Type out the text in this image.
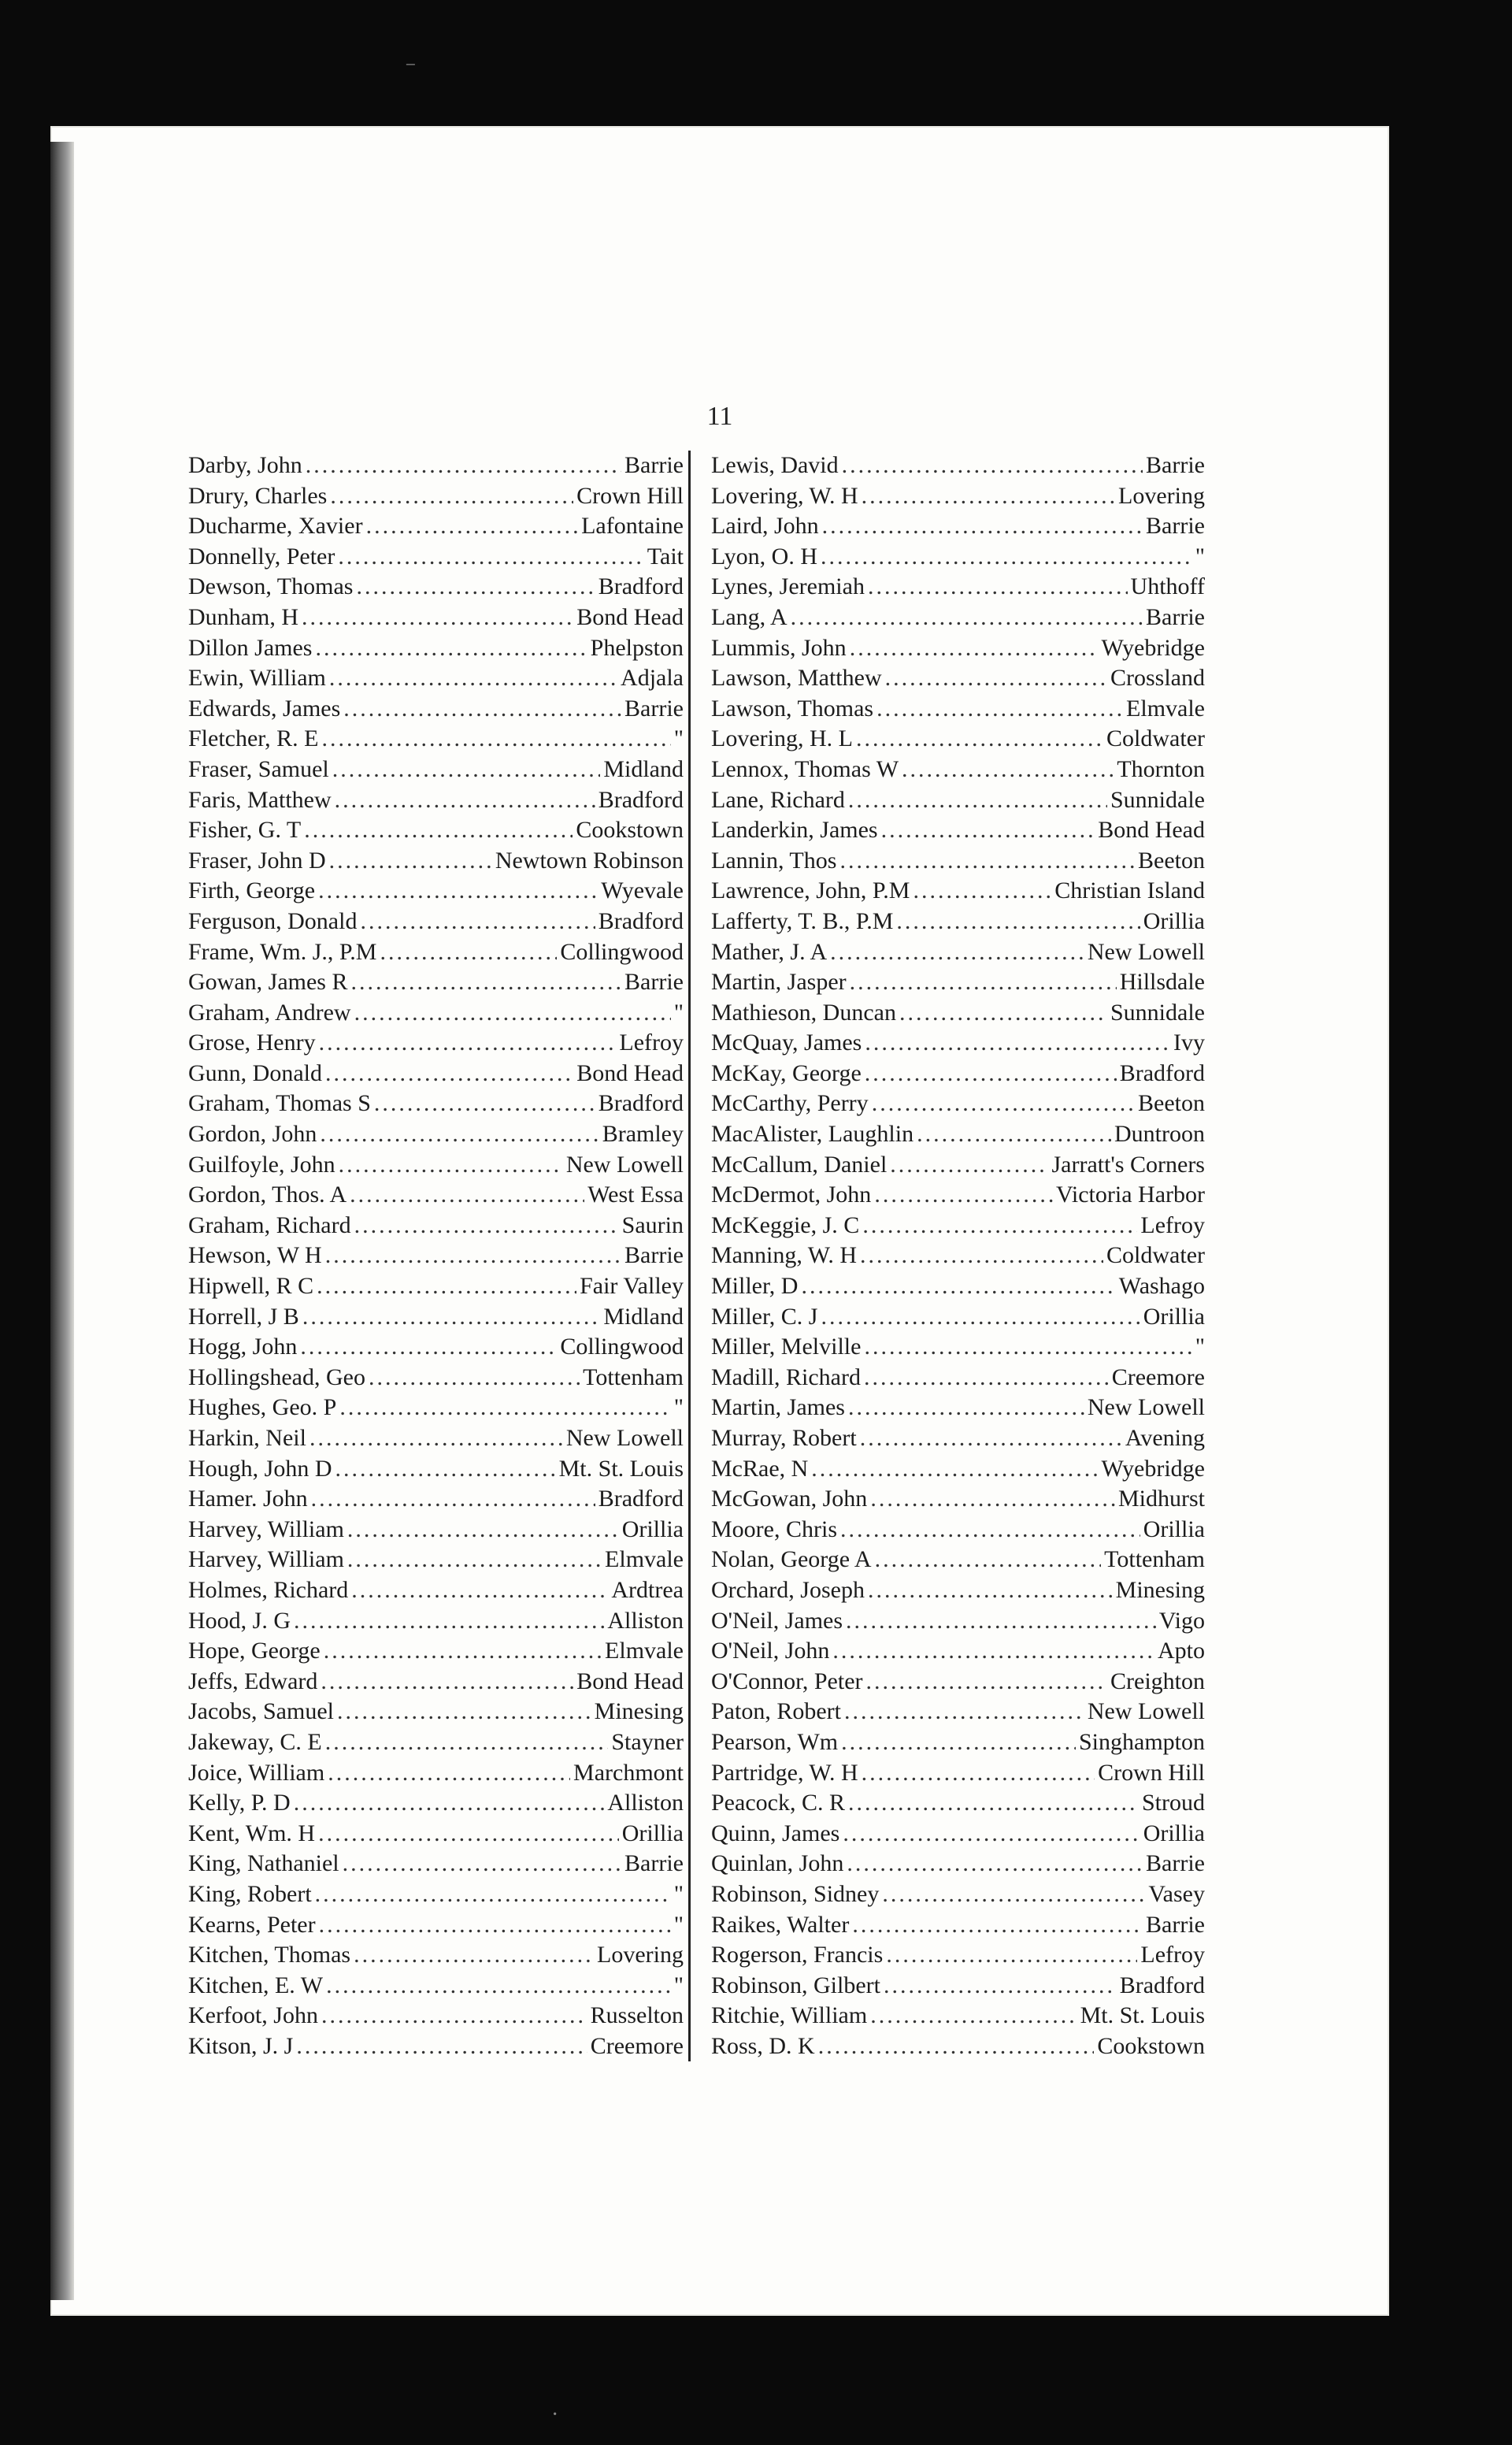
11
Darby, John .....	Barrie
Drury, Charles .....	Crown Hill
Ducharme, Xavier .....	Lafontaine
Donnelly, Peter .....	Tait
Dewson, Thomas .....	Bradford
Dunham, H .....	Bond Head
Dillon James .....	Phelpston
Ewin, William .....	Adjala
Edwards, James .....	Barrie
Fletcher, R. E .....	"
Fraser, Samuel .....	Midland
Faris, Matthew .....	Bradford
Fisher, G. T .....	Cookstown
Fraser, John D .....	Newtown Robinson
Firth, George .....	Wyevale
Ferguson, Donald .....	Bradford
Frame, Wm. J., P.M .....	Collingwood
Gowan, James R .....	Barrie
Graham, Andrew .....	"
Grose, Henry .....	Lefroy
Gunn, Donald .....	Bond Head
Graham, Thomas S .....	Bradford
Gordon, John .....	Bramley
Guilfoyle, John .....	New Lowell
Gordon, Thos. A .....	West Essa
Graham, Richard .....	Saurin
Hewson, W H .....	Barrie
Hipwell, R C .....	Fair Valley
Horrell, J B .....	Midland
Hogg, John .....	Collingwood
Hollingshead, Geo .....	Tottenham
Hughes, Geo. P .....	"
Harkin, Neil .....	New Lowell
Hough, John D .....	Mt. St. Louis
Hamer. John .....	Bradford
Harvey, William .....	Orillia
Harvey, William .....	Elmvale
Holmes, Richard .....	Ardtrea
Hood, J. G .....	Alliston
Hope, George .....	Elmvale
Jeffs, Edward .....	Bond Head
Jacobs, Samuel .....	Minesing
Jakeway, C. E .....	Stayner
Joice, William .....	Marchmont
Kelly, P. D .....	Alliston
Kent, Wm. H .....	Orillia
King, Nathaniel .....	Barrie
King, Robert .....	"
Kearns, Peter .....	"
Kitchen, Thomas .....	Lovering
Kitchen, E. W .....	"
Kerfoot, John .....	Russelton
Kitson, J. J .....	Creemore
Lewis, David .....	Barrie
Lovering, W. H .....	Lovering
Laird, John .....	Barrie
Lyon, O. H .....	"
Lynes, Jeremiah .....	Uhthoff
Lang, A .....	Barrie
Lummis, John .....	Wyebridge
Lawson, Matthew .....	Crossland
Lawson, Thomas .....	Elmvale
Lovering, H. L .....	Coldwater
Lennox, Thomas W .....	Thornton
Lane, Richard .....	Sunnidale
Landerkin, James .....	Bond Head
Lannin, Thos .....	Beeton
Lawrence, John, P.M .....	Christian Island
Lafferty, T. B., P.M .....	Orillia
Mather, J. A .....	New Lowell
Martin, Jasper .....	Hillsdale
Mathieson, Duncan .....	Sunnidale
McQuay, James .....	Ivy
McKay, George .....	Bradford
McCarthy, Perry .....	Beeton
MacAlister, Laughlin .....	Duntroon
McCallum, Daniel .....	Jarratt's Corners
McDermot, John .....	Victoria Harbor
McKeggie, J. C .....	Lefroy
Manning, W. H .....	Coldwater
Miller, D .....	Washago
Miller, C. J .....	Orillia
Miller, Melville .....	"
Madill, Richard .....	Creemore
Martin, James .....	New Lowell
Murray, Robert .....	Avening
McRae, N .....	Wyebridge
McGowan, John .....	Midhurst
Moore, Chris .....	Orillia
Nolan, George A .....	Tottenham
Orchard, Joseph .....	Minesing
O'Neil, James .....	Vigo
O'Neil, John .....	Apto
O'Connor, Peter .....	Creighton
Paton, Robert .....	New Lowell
Pearson, Wm .....	Singhampton
Partridge, W. H .....	Crown Hill
Peacock, C. R .....	Stroud
Quinn, James .....	Orillia
Quinlan, John .....	Barrie
Robinson, Sidney .....	Vasey
Raikes, Walter .....	Barrie
Rogerson, Francis .....	Lefroy
Robinson, Gilbert .....	Bradford
Ritchie, William .....	Mt. St. Louis
Ross, D. K .....	Cookstown
⁻
·
